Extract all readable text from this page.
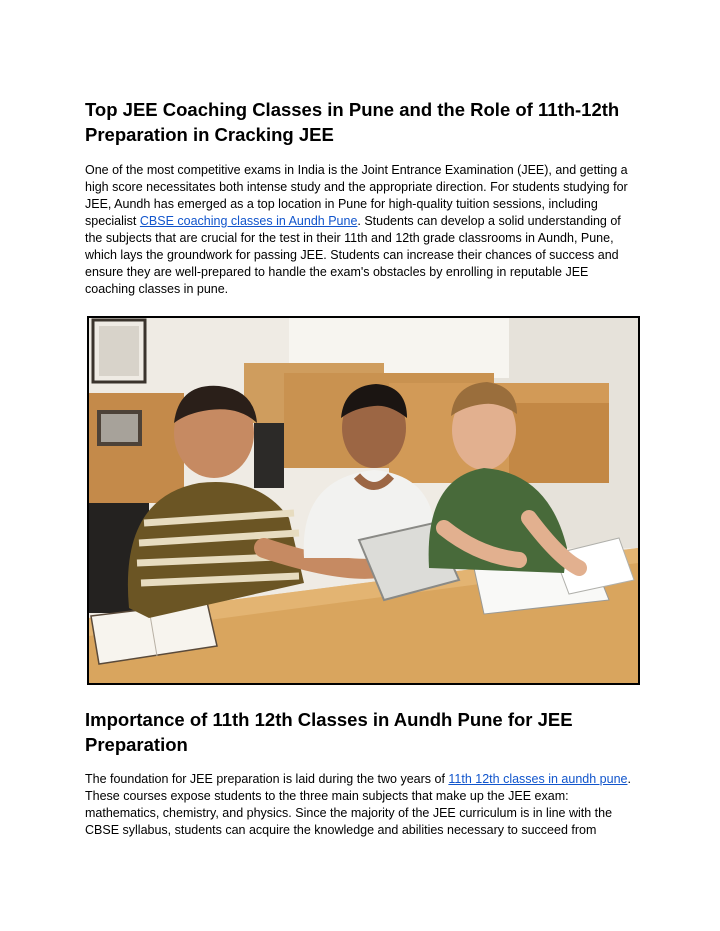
Top JEE Coaching Classes in Pune and the Role of 11th-12th Preparation in Cracking JEE

One of the most competitive exams in India is the Joint Entrance Examination (JEE), and getting a high score necessitates both intense study and the appropriate direction. For students studying for JEE, Aundh has emerged as a top location in Pune for high-quality tuition sessions, including specialist CBSE coaching classes in Aundh Pune. Students can develop a solid understanding of the subjects that are crucial for the test in their 11th and 12th grade classrooms in Aundh, Pune, which lays the groundwork for passing JEE. Students can increase their chances of success and ensure they are well-prepared to handle the exam's obstacles by enrolling in reputable JEE coaching classes in pune.

Importance of 11th 12th Classes in Aundh Pune for JEE Preparation

The foundation for JEE preparation is laid during the two years of 11th 12th classes in aundh pune. These courses expose students to the three main subjects that make up the JEE exam: mathematics, chemistry, and physics. Since the majority of the JEE curriculum is in line with the CBSE syllabus, students can acquire the knowledge and abilities necessary to succeed from
